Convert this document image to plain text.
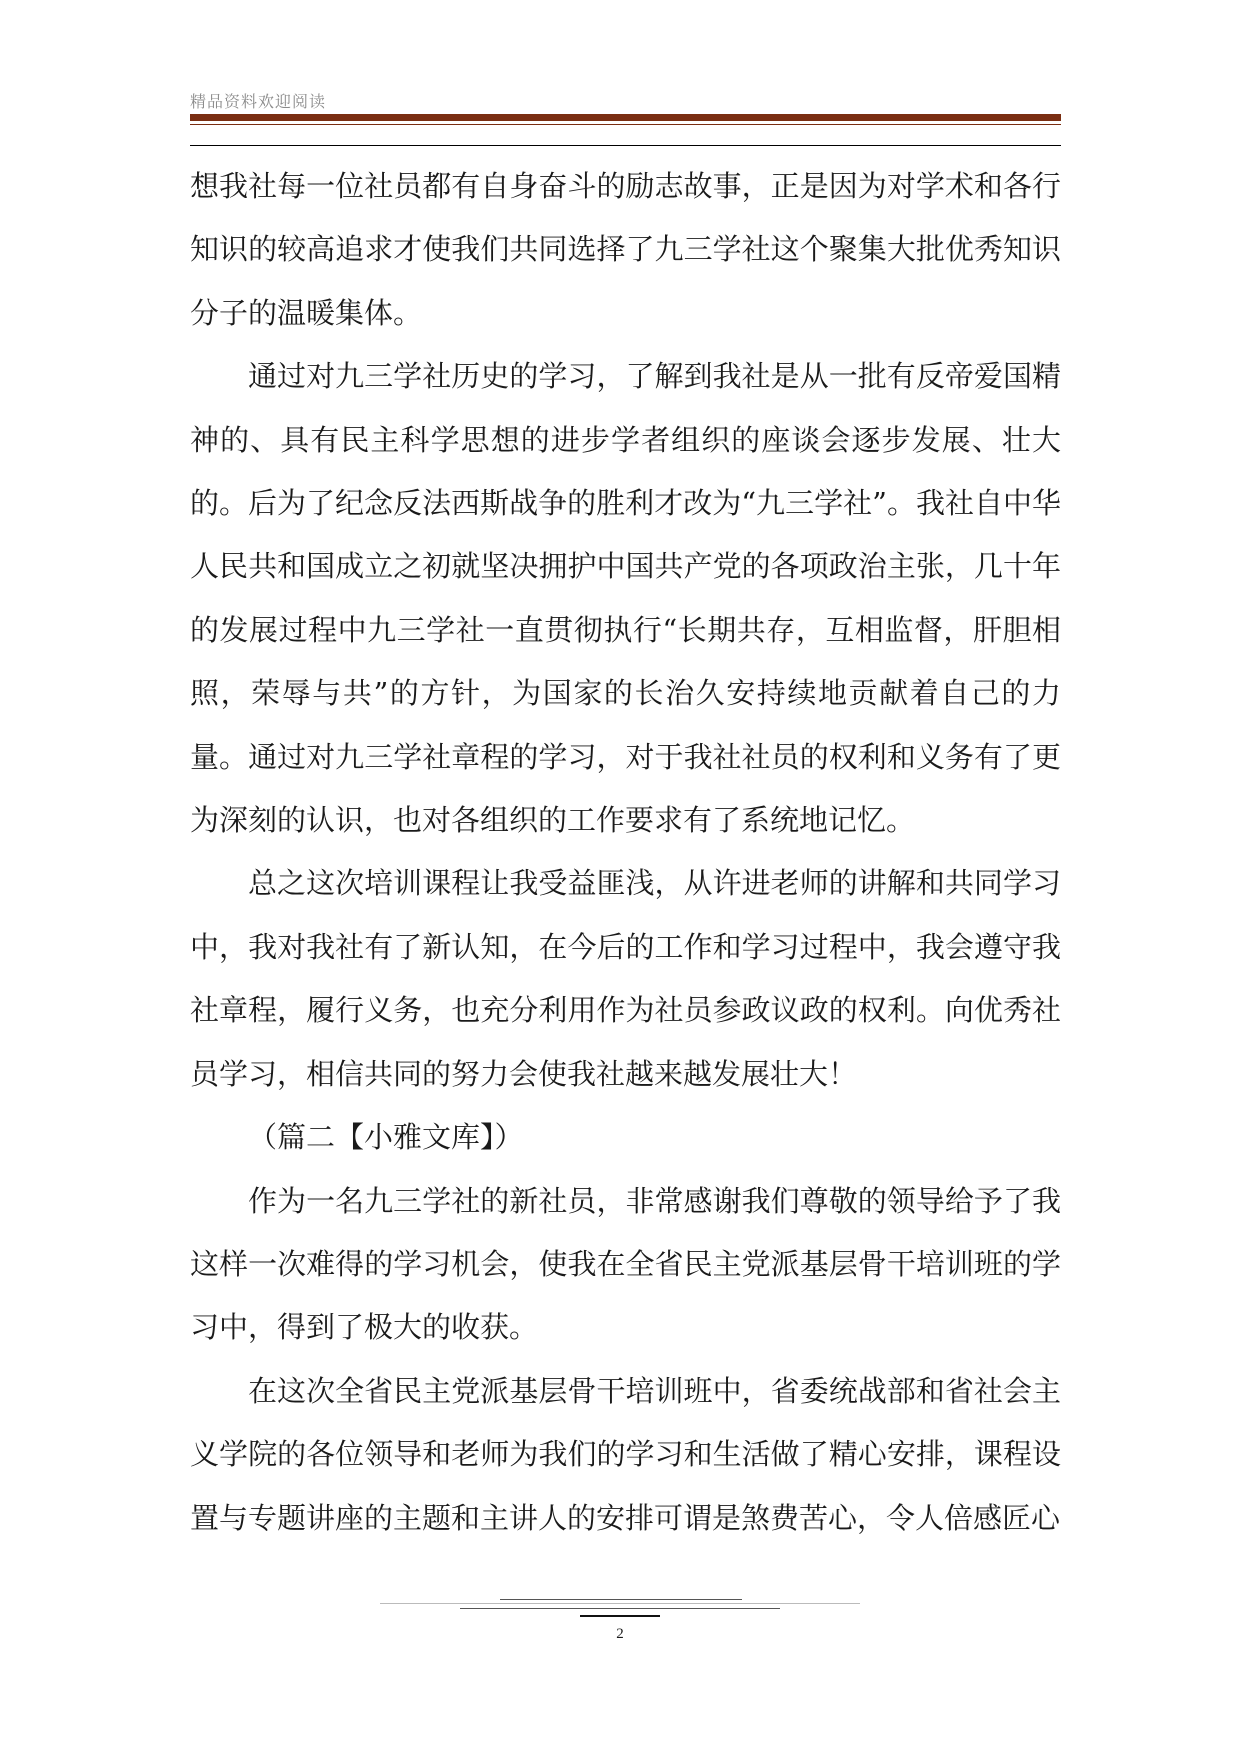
精品资料欢迎阅读

想我社每一位社员都有自身奋斗的励志故事，正是因为对学术和各行知识的较高追求才使我们共同选择了九三学社这个聚集大批优秀知识分子的温暖集体。

通过对九三学社历史的学习，了解到我社是从一批有反帝爱国精神的、具有民主科学思想的进步学者组织的座谈会逐步发展、壮大的。后为了纪念反法西斯战争的胜利才改为“九三学社”。我社自中华人民共和国成立之初就坚决拥护中国共产党的各项政治主张，几十年的发展过程中九三学社一直贯彻执行“长期共存，互相监督，肝胆相照，荣辱与共”的方针，为国家的长治久安持续地贡献着自己的力量。通过对九三学社章程的学习，对于我社社员的权利和义务有了更为深刻的认识，也对各组织的工作要求有了系统地记忆。

总之这次培训课程让我受益匪浅，从许进老师的讲解和共同学习中，我对我社有了新认知，在今后的工作和学习过程中，我会遵守我社章程，履行义务，也充分利用作为社员参政议政的权利。向优秀社员学习，相信共同的努力会使我社越来越发展壮大！

（篇二【小雅文库】）

作为一名九三学社的新社员，非常感谢我们尊敬的领导给予了我这样一次难得的学习机会，使我在全省民主党派基层骨干培训班的学习中，得到了极大的收获。

在这次全省民主党派基层骨干培训班中，省委统战部和省社会主义学院的各位领导和老师为我们的学习和生活做了精心安排，课程设置与专题讲座的主题和主讲人的安排可谓是煞费苦心，令人倍感匠心

2
